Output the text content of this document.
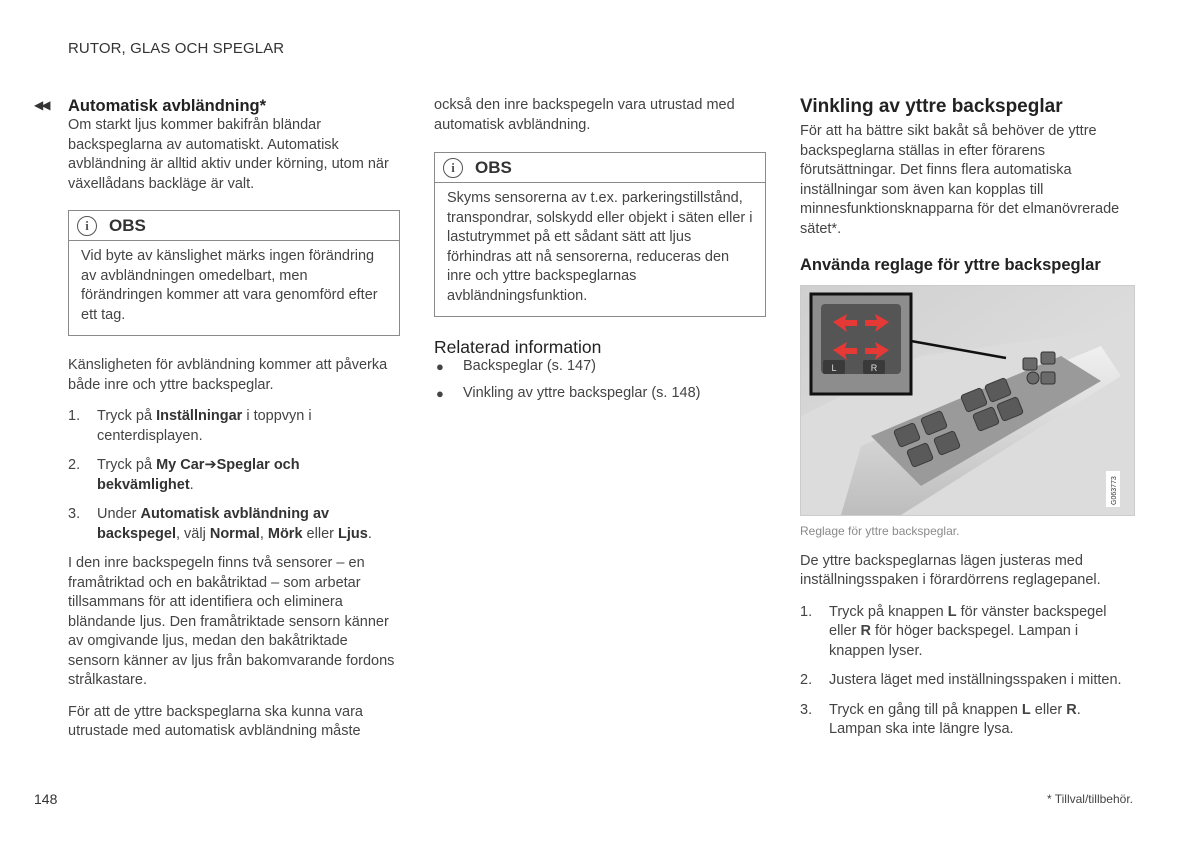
RUTOR, GLAS OCH SPEGLAR
◀◀ Automatisk avbländning*

Om starkt ljus kommer bakifrån bländar backspeglarna av automatiskt. Automatisk avbländning är alltid aktiv under körning, utom när växellådans backläge är valt.

i	OBS
Vid byte av känslighet märks ingen förändring av avbländningen omedelbart, men förändringen kommer att vara genomförd efter ett tag.

Känsligheten för avbländning kommer att påverka både inre och yttre backspeglar.

1. Tryck på Inställningar i toppvyn i centerdisplayen.
2. Tryck på My Car➔Speglar och bekvämlighet.
3. Under Automatisk avbländning av backspegel, välj Normal, Mörk eller Ljus.

I den inre backspegeln finns två sensorer – en framåtriktad och en bakåtriktad – som arbetar tillsammans för att identifiera och eliminera bländande ljus. Den framåtriktade sensorn känner av omgivande ljus, medan den bakåtriktade sensorn känner av ljus från bakomvarande fordons strålkastare.

För att de yttre backspeglarna ska kunna vara utrustade med automatisk avbländning måste

också den inre backspegeln vara utrustad med automatisk avbländning.

i	OBS
Skyms sensorerna av t.ex. parkeringstillstånd, transpondrar, solskydd eller objekt i säten eller i lastutrymmet på ett sådant sätt att ljus förhindras att nå sensorerna, reduceras den inre och yttre backspeglarnas avbländningsfunktion.
Relaterad information
● Backspeglar (s. 147)
● Vinkling av yttre backspeglar (s. 148)
Vinkling av yttre backspeglar

För att ha bättre sikt bakåt så behöver de yttre backspeglarna ställas in efter förarens förutsättningar. Det finns flera automatiska inställningar som även kan kopplas till minnesfunktionsknapparna för det elmanövrerade sätet*.

Använda reglage för yttre backspeglar
R
L
G063773

Reglage för yttre backspeglar.

De yttre backspeglarnas lägen justeras med inställningsspaken i förardörrens reglagepanel.

1. Tryck på knappen L för vänster backspegel eller R för höger backspegel. Lampan i knappen lyser.
2. Justera läget med inställningsspaken i mitten.
3. Tryck en gång till på knappen L eller R. Lampan ska inte längre lysa.
148	* Tillval/tillbehör.
